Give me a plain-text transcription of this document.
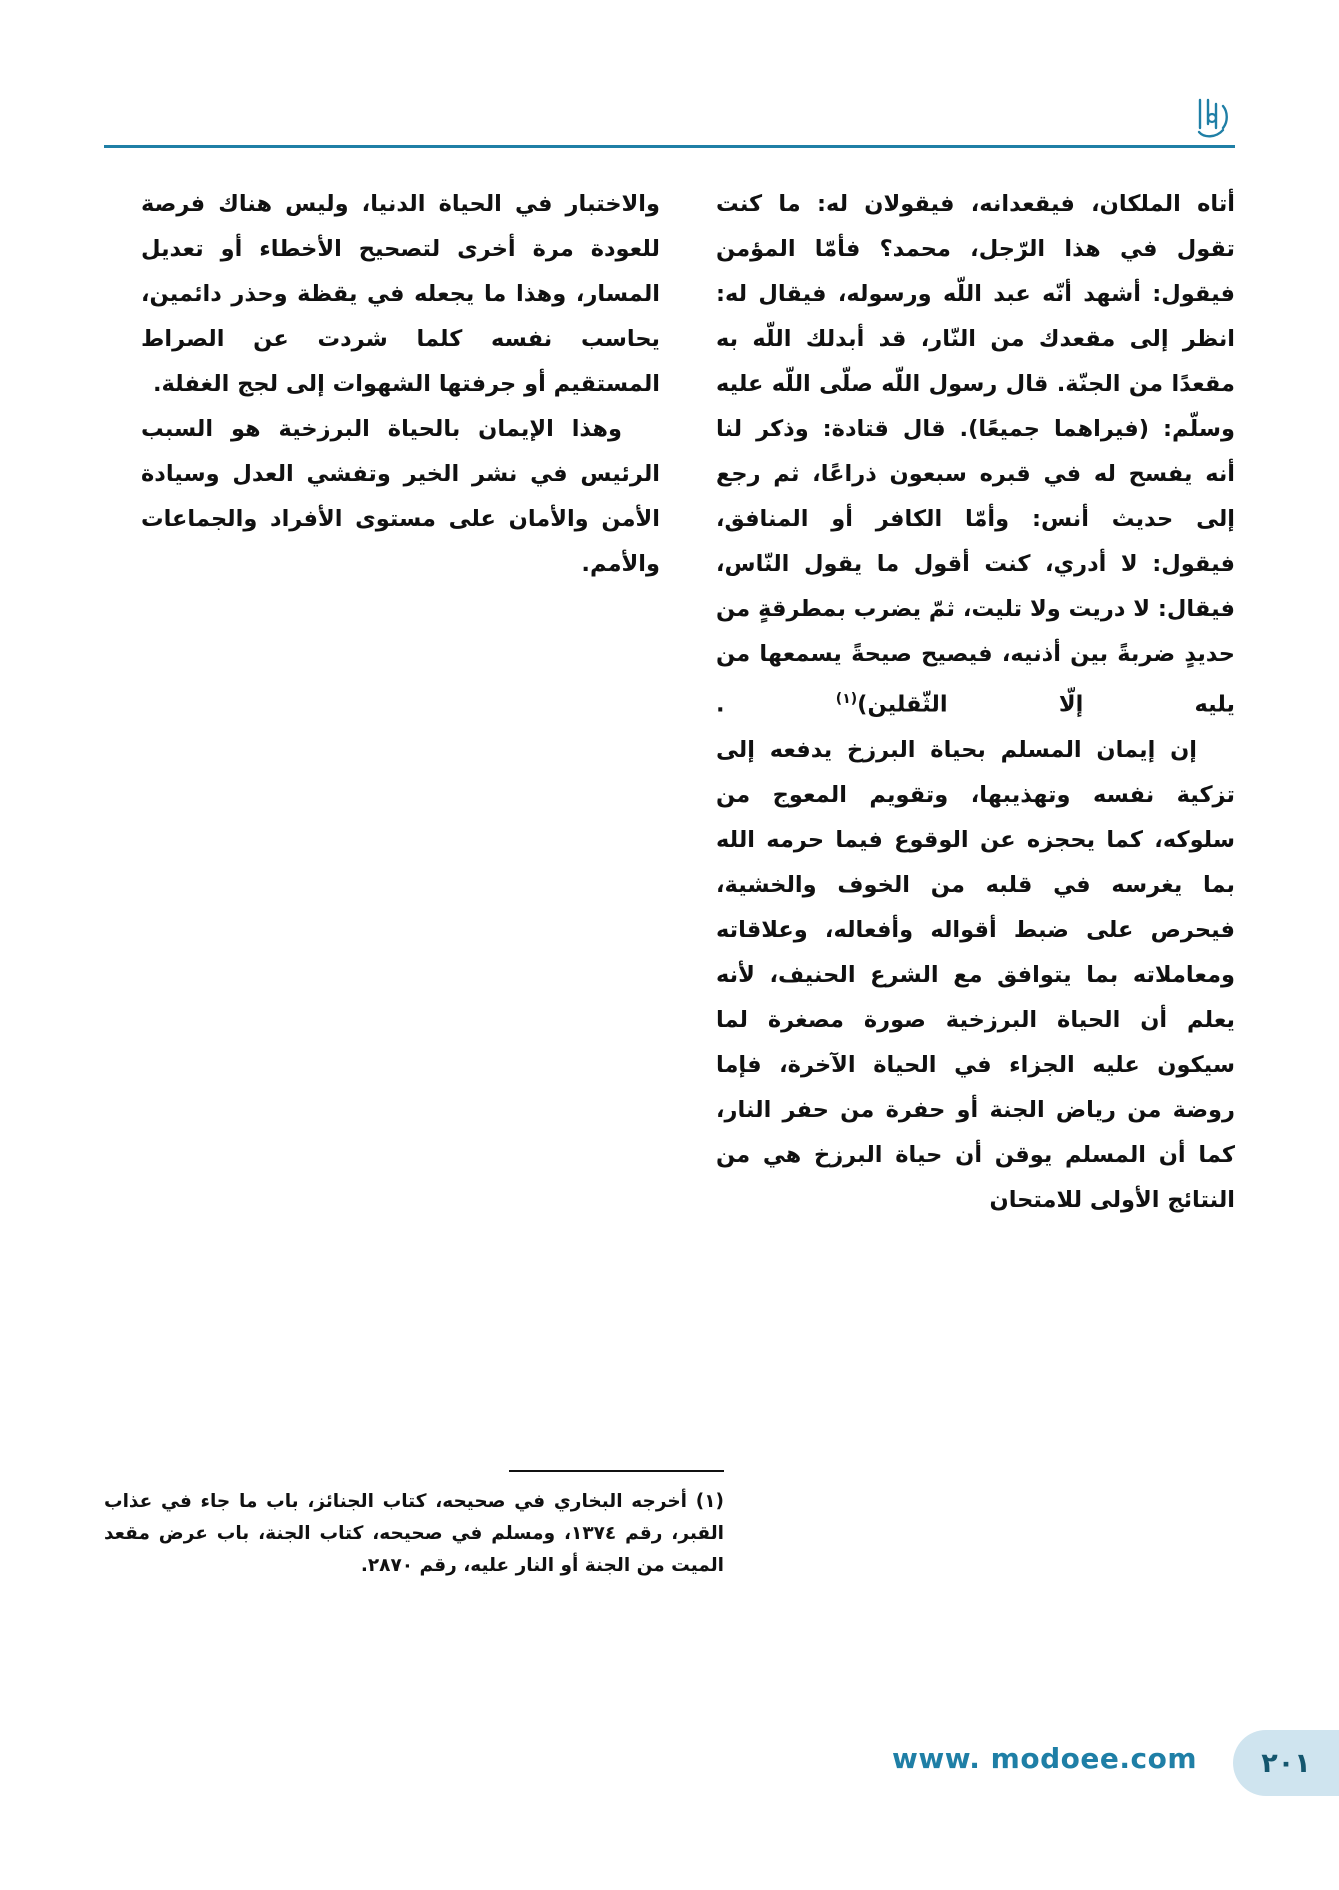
أتاه الملكان، فيقعدانه، فيقولان له: ما كنت تقول في هذا الرّجل، محمد؟ فأمّا المؤمن فيقول: أشهد أنّه عبد اللّه ورسوله، فيقال له: انظر إلى مقعدك من النّار، قد أبدلك اللّه به مقعدًا من الجنّة. قال رسول اللّه صلّى اللّه عليه وسلّم: (فيراهما جميعًا). قال قتادة: وذكر لنا أنه يفسح له في قبره سبعون ذراعًا، ثم رجع إلى حديث أنس: وأمّا الكافر أو المنافق، فيقول: لا أدري، كنت أقول ما يقول النّاس، فيقال: لا دريت ولا تليت، ثمّ يضرب بمطرقةٍ من حديدٍ ضربةً بين أذنيه، فيصيح صيحةً يسمعها من يليه إلّا الثّقلين)$^{(١)}$ .

إن إيمان المسلم بحياة البرزخ يدفعه إلى تزكية نفسه وتهذيبها، وتقويم المعوج من سلوكه، كما يحجزه عن الوقوع فيما حرمه الله بما يغرسه في قلبه من الخوف والخشية، فيحرص على ضبط أقواله وأفعاله، وعلاقاته ومعاملاته بما يتوافق مع الشرع الحنيف، لأنه يعلم أن الحياة البرزخية صورة مصغرة لما سيكون عليه الجزاء في الحياة الآخرة، فإما روضة من رياض الجنة أو حفرة من حفر النار، كما أن المسلم يوقن أن حياة البرزخ هي من النتائج الأولى للامتحان

والاختبار في الحياة الدنيا، وليس هناك فرصة للعودة مرة أخرى لتصحيح الأخطاء أو تعديل المسار، وهذا ما يجعله في يقظة وحذر دائمين، يحاسب نفسه كلما شردت عن الصراط المستقيم أو جرفتها الشهوات إلى لجج الغفلة.

وهذا الإيمان بالحياة البرزخية هو السبب الرئيس في نشر الخير وتفشي العدل وسيادة الأمن والأمان على مستوى الأفراد والجماعات والأمم.

(١) أخرجه البخاري في صحيحه، كتاب الجنائز، باب ما جاء في عذاب القبر، رقم ١٣٧٤، ومسلم في صحيحه، كتاب الجنة، باب عرض مقعد الميت من الجنة أو النار عليه، رقم ٢٨٧٠.
٢٠١
www. modoee.com
